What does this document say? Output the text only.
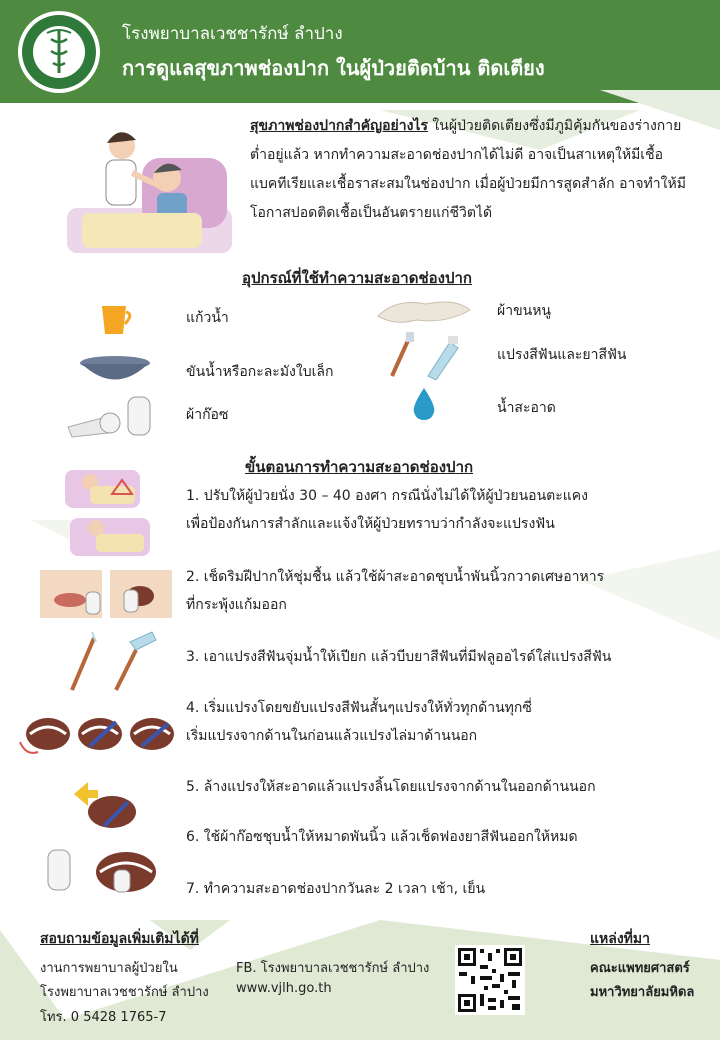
โรงพยาบาลเวชชารักษ์ ลำปาง
การดูแลสุขภาพช่องปาก ในผู้ป่วยติดบ้าน ติดเตียง
สุขภาพช่องปากสำคัญอย่างไร ในผู้ป่วยติดเตียงซึ่งมีภูมิคุ้มกันของร่างกายต่ำอยู่แล้ว หากทำความสะอาดช่องปากได้ไม่ดี อาจเป็นสาเหตุให้มีเชื้อแบคทีเรียและเชื้อราสะสมในช่องปาก เมื่อผู้ป่วยมีการสูดสำลัก อาจทำให้มีโอกาสปอดติดเชื้อเป็นอันตรายแก่ชีวิตได้
อุปกรณ์ที่ใช้ทำความสะอาดช่องปาก
แก้วน้ำ
ขันน้ำหรือกะละมังใบเล็ก
ผ้าก๊อซ
ผ้าขนหนู
แปรงสีฟันและยาสีฟัน
น้ำสะอาด
ขั้นตอนการทำความสะอาดช่องปาก
1. ปรับให้ผู้ป่วยนั่ง 30 – 40 องศา กรณีนั่งไม่ได้ให้ผู้ป่วยนอนตะแคง
เพื่อป้องกันการสำลักและแจ้งให้ผู้ป่วยทราบว่ากำลังจะแปรงฟัน
2. เช็ดริมฝีปากให้ชุ่มชื้น แล้วใช้ผ้าสะอาดชุบน้ำพันนิ้วกวาดเศษอาหาร
ที่กระพุ้งแก้มออก
3. เอาแปรงสีฟันจุ่มน้ำให้เปียก แล้วบีบยาสีฟันที่มีฟลูออไรด์ใส่แปรงสีฟัน
4. เริ่มแปรงโดยขยับแปรงสีฟันสั้นๆแปรงให้ทั่วทุกด้านทุกซี่
เริ่มแปรงจากด้านในก่อนแล้วแปรงไล่มาด้านนอก
5. ล้างแปรงให้สะอาดแล้วแปรงลิ้นโดยแปรงจากด้านในออกด้านนอก
6. ใช้ผ้าก๊อซชุบน้ำให้หมาดพันนิ้ว แล้วเช็ดฟองยาสีฟันออกให้หมด
7. ทำความสะอาดช่องปากวันละ 2 เวลา เช้า, เย็น
สอบถามข้อมูลเพิ่มเติมได้ที่
งานการพยาบาลผู้ป่วยใน
โรงพยาบาลเวชชารักษ์ ลำปาง
โทร. 0 5428 1765-7
FB. โรงพยาบาลเวชชารักษ์ ลำปาง
www.vjlh.go.th
แหล่งที่มา
คณะแพทยศาสตร์
มหาวิทยาลัยมหิดล
